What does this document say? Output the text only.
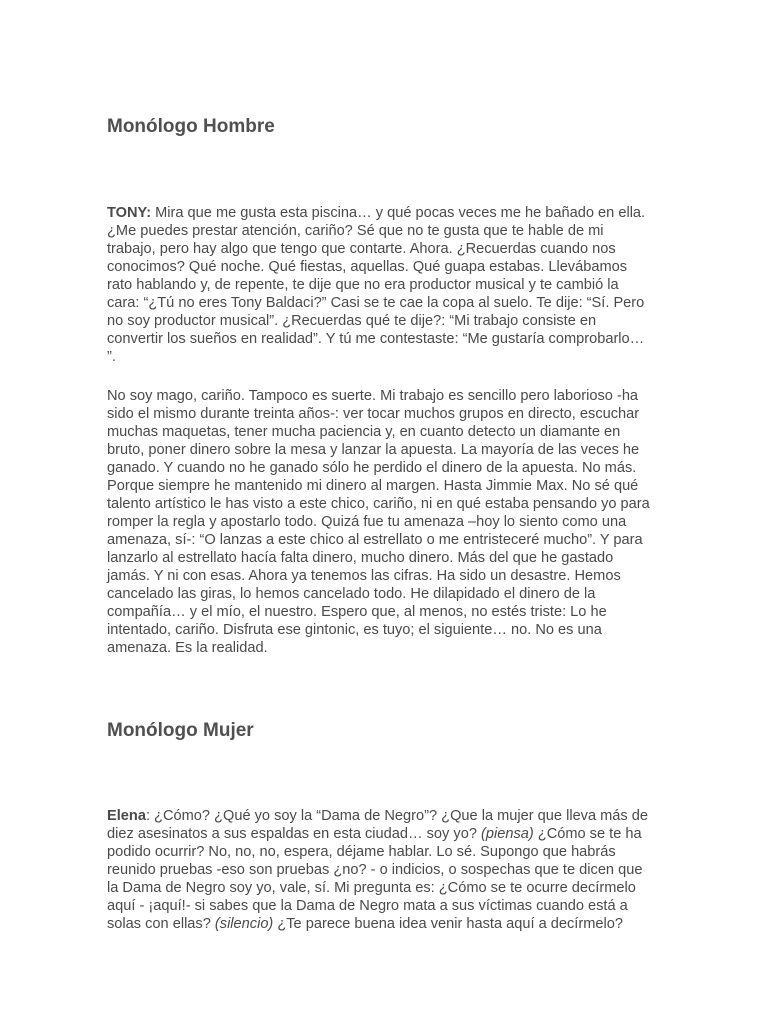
Monólogo Hombre

TONY: Mira que me gusta esta piscina… y qué pocas veces me he bañado en ella. ¿Me puedes prestar atención, cariño? Sé que no te gusta que te hable de mi trabajo, pero hay algo que tengo que contarte. Ahora. ¿Recuerdas cuando nos conocimos? Qué noche. Qué fiestas, aquellas. Qué guapa estabas. Llevábamos rato hablando y, de repente, te dije que no era productor musical y te cambió la cara: “¿Tú no eres Tony Baldaci?” Casi se te cae la copa al suelo. Te dije: “Sí. Pero no soy productor musical”. ¿Recuerdas qué te dije?: “Mi trabajo consiste en convertir los sueños en realidad”. Y tú me contestaste: “Me gustaría comprobarlo… ”.

No soy mago, cariño. Tampoco es suerte. Mi trabajo es sencillo pero laborioso -ha sido el mismo durante treinta años-: ver tocar muchos grupos en directo, escuchar muchas maquetas, tener mucha paciencia y, en cuanto detecto un diamante en bruto, poner dinero sobre la mesa y lanzar la apuesta. La mayoría de las veces he ganado. Y cuando no he ganado sólo he perdido el dinero de la apuesta. No más. Porque siempre he mantenido mi dinero al margen. Hasta Jimmie Max. No sé qué talento artístico le has visto a este chico, cariño, ni en qué estaba pensando yo para romper la regla y apostarlo todo. Quizá fue tu amenaza –hoy lo siento como una amenaza, sí-: “O lanzas a este chico al estrellato o me entristeceré mucho”. Y para lanzarlo al estrellato hacía falta dinero, mucho dinero. Más del que he gastado jamás. Y ni con esas. Ahora ya tenemos las cifras. Ha sido un desastre. Hemos cancelado las giras, lo hemos cancelado todo. He dilapidado el dinero de la compañía… y el mío, el nuestro. Espero que, al menos, no estés triste: Lo he intentado, cariño. Disfruta ese gintonic, es tuyo; el siguiente… no. No es una amenaza. Es la realidad.

Monólogo Mujer

Elena: ¿Cómo? ¿Qué yo soy la “Dama de Negro”? ¿Que la mujer que lleva más de diez asesinatos a sus espaldas en esta ciudad… soy yo? (piensa) ¿Cómo se te ha podido ocurrir? No, no, no, espera, déjame hablar. Lo sé. Supongo que habrás reunido pruebas -eso son pruebas ¿no? - o indicios, o sospechas que te dicen que la Dama de Negro soy yo, vale, sí. Mi pregunta es: ¿Cómo se te ocurre decírmelo aquí - ¡aquí!- si sabes que la Dama de Negro mata a sus víctimas cuando está a solas con ellas? (silencio) ¿Te parece buena idea venir hasta aquí a decírmelo?
